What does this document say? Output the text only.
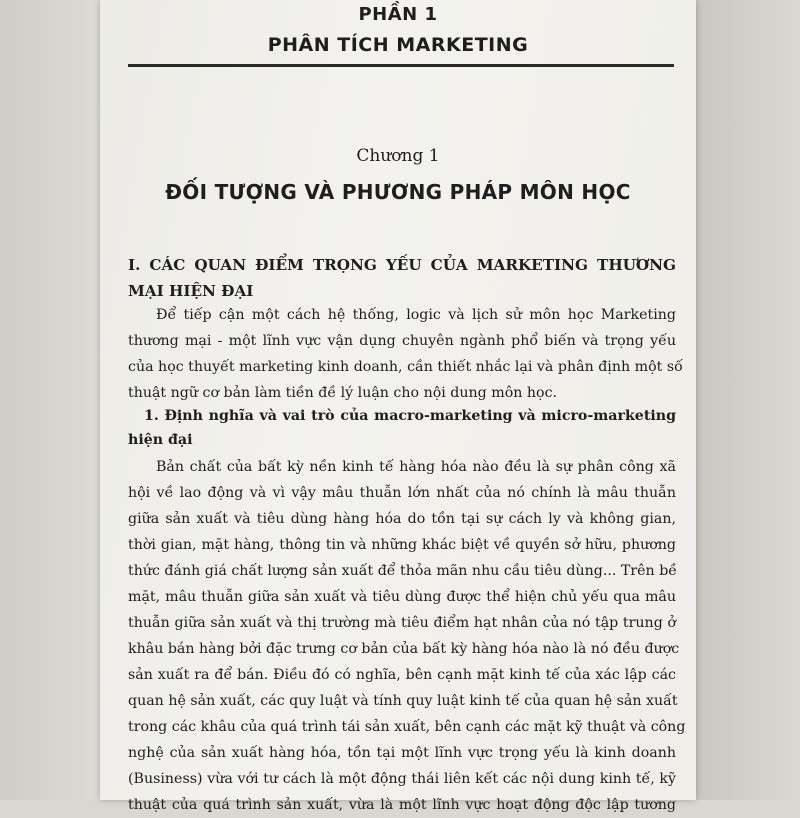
PHẦN 1
PHÂN TÍCH MARKETING
Chương 1
ĐỐI TƯỢNG VÀ PHƯƠNG PHÁP MÔN HỌC
I. CÁC QUAN ĐIỂM TRỌNG YẾU CỦA MARKETING THƯƠNG
MẠI HIỆN ĐẠI
Để tiếp cận một cách hệ thống, logic và lịch sử môn học Marketing
thương mại - một lĩnh vực vận dụng chuyên ngành phổ biến và trọng yếu
của học thuyết marketing kinh doanh, cần thiết nhắc lại và phân định một số
thuật ngữ cơ bản làm tiền đề lý luận cho nội dung môn học.
1. Định nghĩa và vai trò của macro-marketing và micro-marketing
hiện đại
Bản chất của bất kỳ nền kinh tế hàng hóa nào đều là sự phân công xã
hội về lao động và vì vậy mâu thuẫn lớn nhất của nó chính là mâu thuẫn
giữa sản xuất và tiêu dùng hàng hóa do tồn tại sự cách ly và không gian,
thời gian, mặt hàng, thông tin và những khác biệt về quyền sở hữu, phương
thức đánh giá chất lượng sản xuất để thỏa mãn nhu cầu tiêu dùng... Trên bề
mặt, mâu thuẫn giữa sản xuất và tiêu dùng được thể hiện chủ yếu qua mâu
thuẫn giữa sản xuất và thị trường mà tiêu điểm hạt nhân của nó tập trung ở
khâu bán hàng bởi đặc trưng cơ bản của bất kỳ hàng hóa nào là nó đều được
sản xuất ra để bán. Điều đó có nghĩa, bên cạnh mặt kinh tế của xác lập các
quan hệ sản xuất, các quy luật và tính quy luật kinh tế của quan hệ sản xuất
trong các khâu của quá trình tái sản xuất, bên cạnh các mặt kỹ thuật và công
nghệ của sản xuất hàng hóa, tồn tại một lĩnh vực trọng yếu là kinh doanh
(Business) vừa với tư cách là một động thái liên kết các nội dung kinh tế, kỹ
thuật của quá trình sản xuất, vừa là một lĩnh vực hoạt động độc lập tương
